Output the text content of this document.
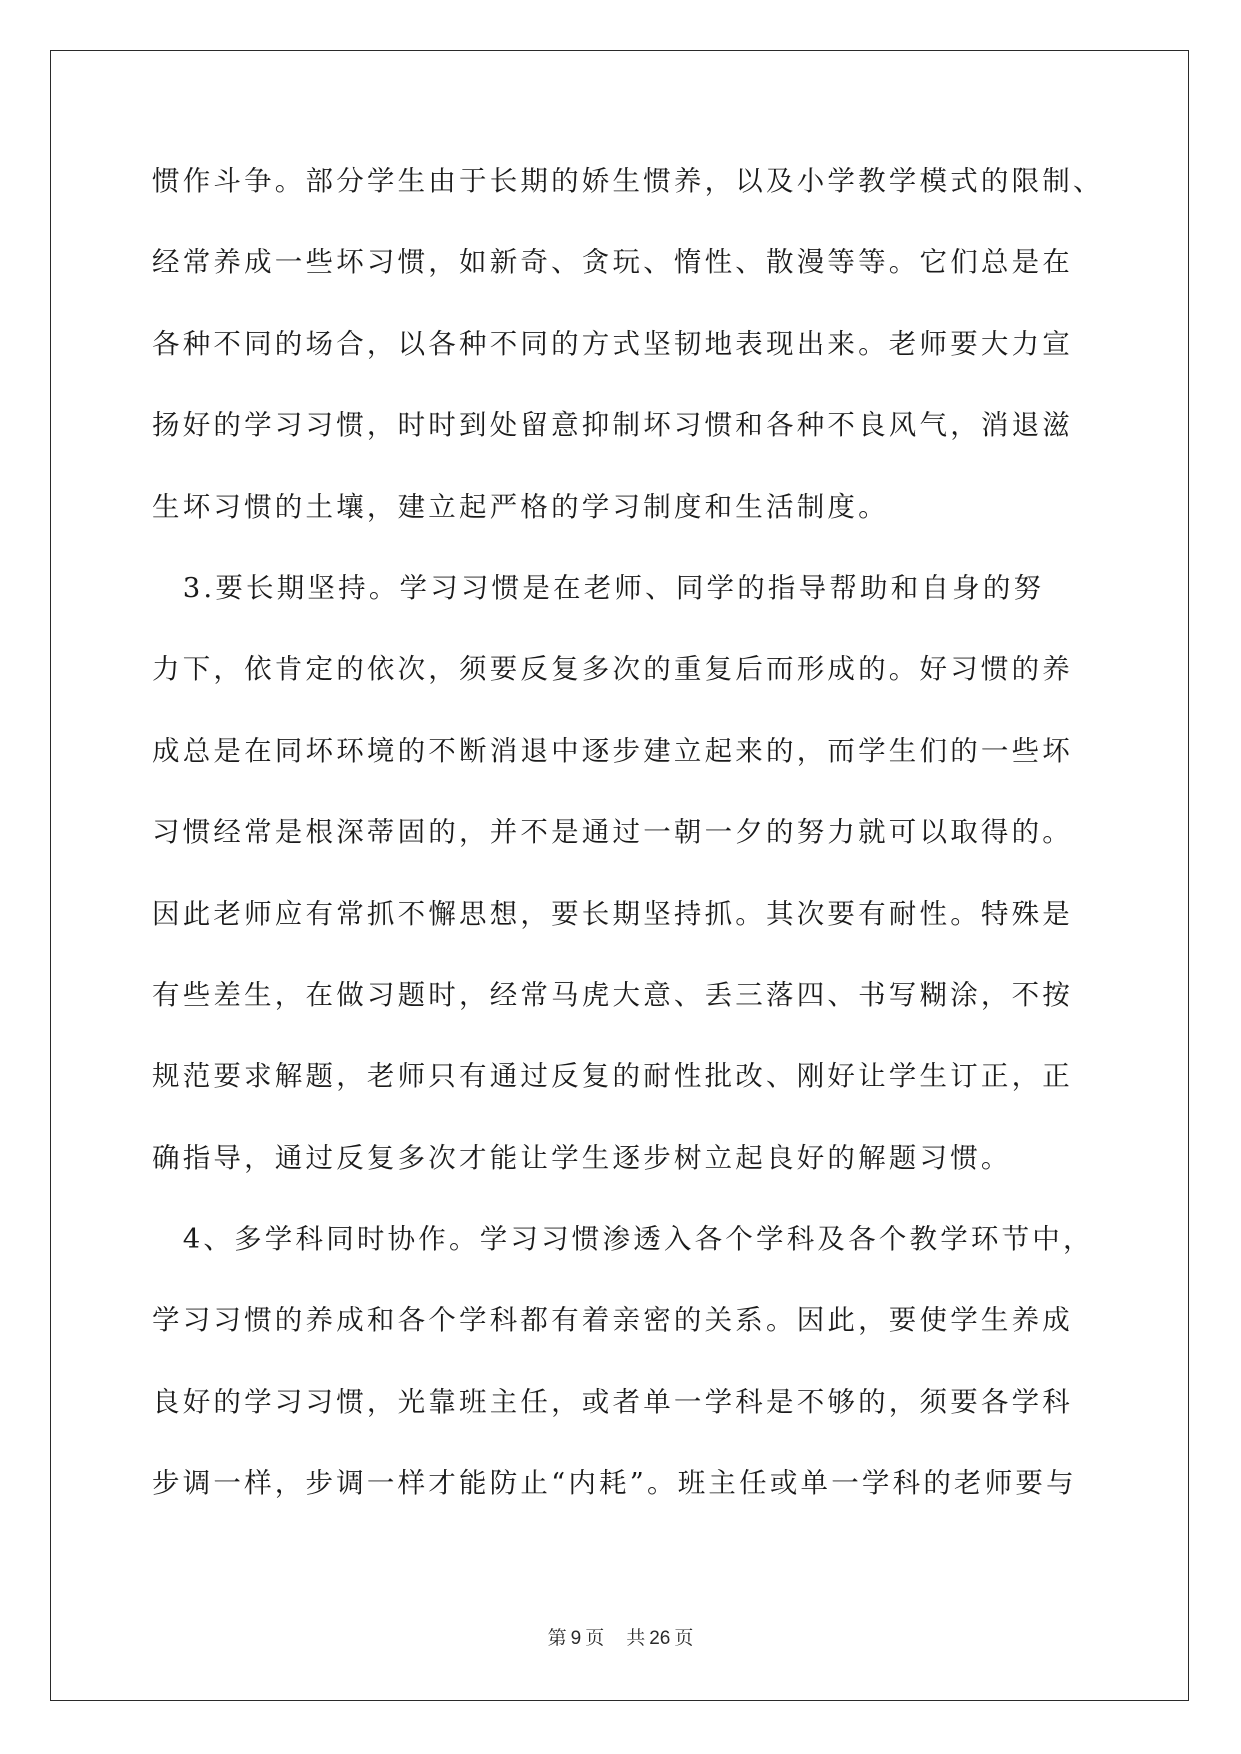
惯作斗争。部分学生由于长期的娇生惯养，以及小学教学模式的限制、
经常养成一些坏习惯，如新奇、贪玩、惰性、散漫等等。它们总是在
各种不同的场合，以各种不同的方式坚韧地表现出来。老师要大力宣
扬好的学习习惯，时时到处留意抑制坏习惯和各种不良风气，消退滋
生坏习惯的土壤，建立起严格的学习制度和生活制度。
　3.要长期坚持。学习习惯是在老师、同学的指导帮助和自身的努
力下，依肯定的依次，须要反复多次的重复后而形成的。好习惯的养
成总是在同坏环境的不断消退中逐步建立起来的，而学生们的一些坏
习惯经常是根深蒂固的，并不是通过一朝一夕的努力就可以取得的。
因此老师应有常抓不懈思想，要长期坚持抓。其次要有耐性。特殊是
有些差生，在做习题时，经常马虎大意、丢三落四、书写糊涂，不按
规范要求解题，老师只有通过反复的耐性批改、刚好让学生订正，正
确指导，通过反复多次才能让学生逐步树立起良好的解题习惯。
　4、多学科同时协作。学习习惯渗透入各个学科及各个教学环节中，
学习习惯的养成和各个学科都有着亲密的关系。因此，要使学生养成
良好的学习习惯，光靠班主任，或者单一学科是不够的，须要各学科
步调一样，步调一样才能防止“内耗”。班主任或单一学科的老师要与
第 9 页 共 26 页
